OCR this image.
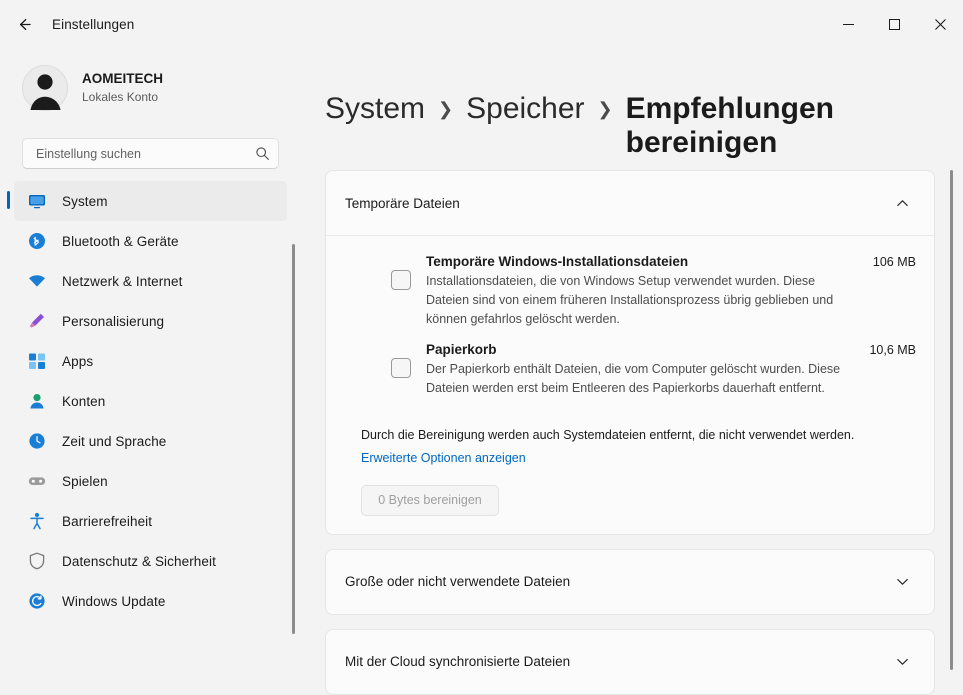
Einstellungen
AOMEITECH
Lokales Konto
Einstellung suchen
System
Bluetooth & Geräte
Netzwerk & Internet
Personalisierung
Apps
Konten
Zeit und Sprache
Spielen
Barrierefreiheit
Datenschutz & Sicherheit
Windows Update
System ❯ Speicher ❯ Empfehlungen bereinigen
Temporäre Dateien
Temporäre Windows-Installationsdateien
Installationsdateien, die von Windows Setup verwendet wurden. Diese Dateien sind von einem früheren Installationsprozess übrig geblieben und können gefahrlos gelöscht werden.
106 MB
Papierkorb
Der Papierkorb enthält Dateien, die vom Computer gelöscht wurden. Diese Dateien werden erst beim Entleeren des Papierkorbs dauerhaft entfernt.
10,6 MB
Durch die Bereinigung werden auch Systemdateien entfernt, die nicht verwendet werden.
Erweiterte Optionen anzeigen
0 Bytes bereinigen
Große oder nicht verwendete Dateien
Mit der Cloud synchronisierte Dateien
